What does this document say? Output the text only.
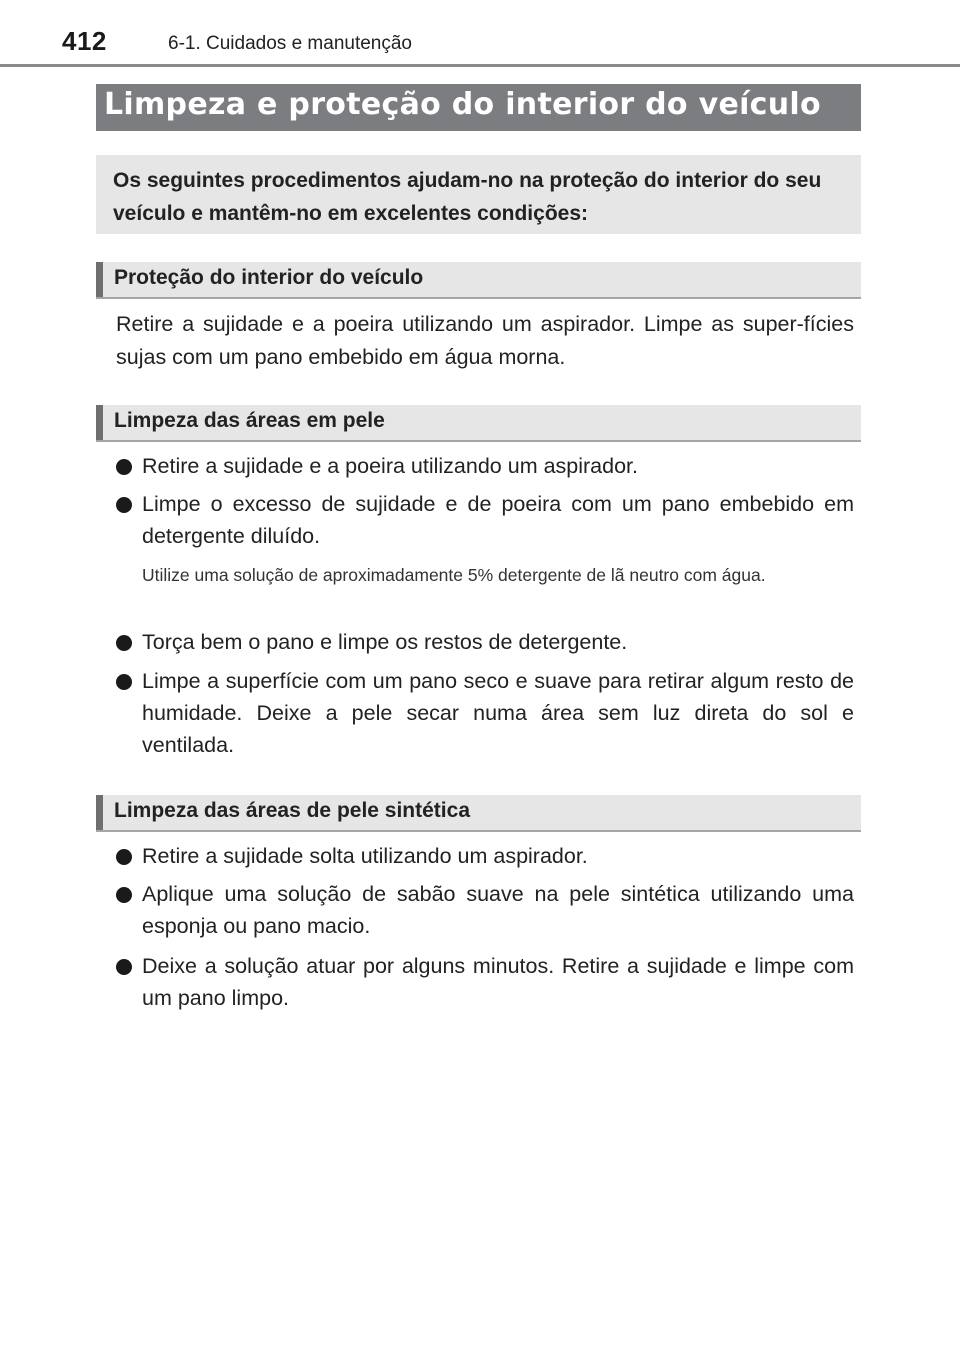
412	6-1. Cuidados e manutenção
Limpeza e proteção do interior do veículo

Os seguintes procedimentos ajudam-no na proteção do interior do seu veículo e mantêm-no em excelentes condições:

Proteção do interior do veículo

Retire a sujidade e a poeira utilizando um aspirador. Limpe as super-fícies sujas com um pano embebido em água morna.

Limpeza das áreas em pele
Retire a sujidade e a poeira utilizando um aspirador.
Limpe o excesso de sujidade e de poeira com um pano embebido em detergente diluído.

Utilize uma solução de aproximadamente 5% detergente de lã neutro com água.

Torça bem o pano e limpe os restos de detergente.
Limpe a superfície com um pano seco e suave para retirar algum resto de humidade. Deixe a pele secar numa área sem luz direta do sol e ventilada.
Limpeza das áreas de pele sintética
Retire a sujidade solta utilizando um aspirador.
Aplique uma solução de sabão suave na pele sintética utilizando uma esponja ou pano macio.
Deixe a solução atuar por alguns minutos. Retire a sujidade e limpe com um pano limpo.
